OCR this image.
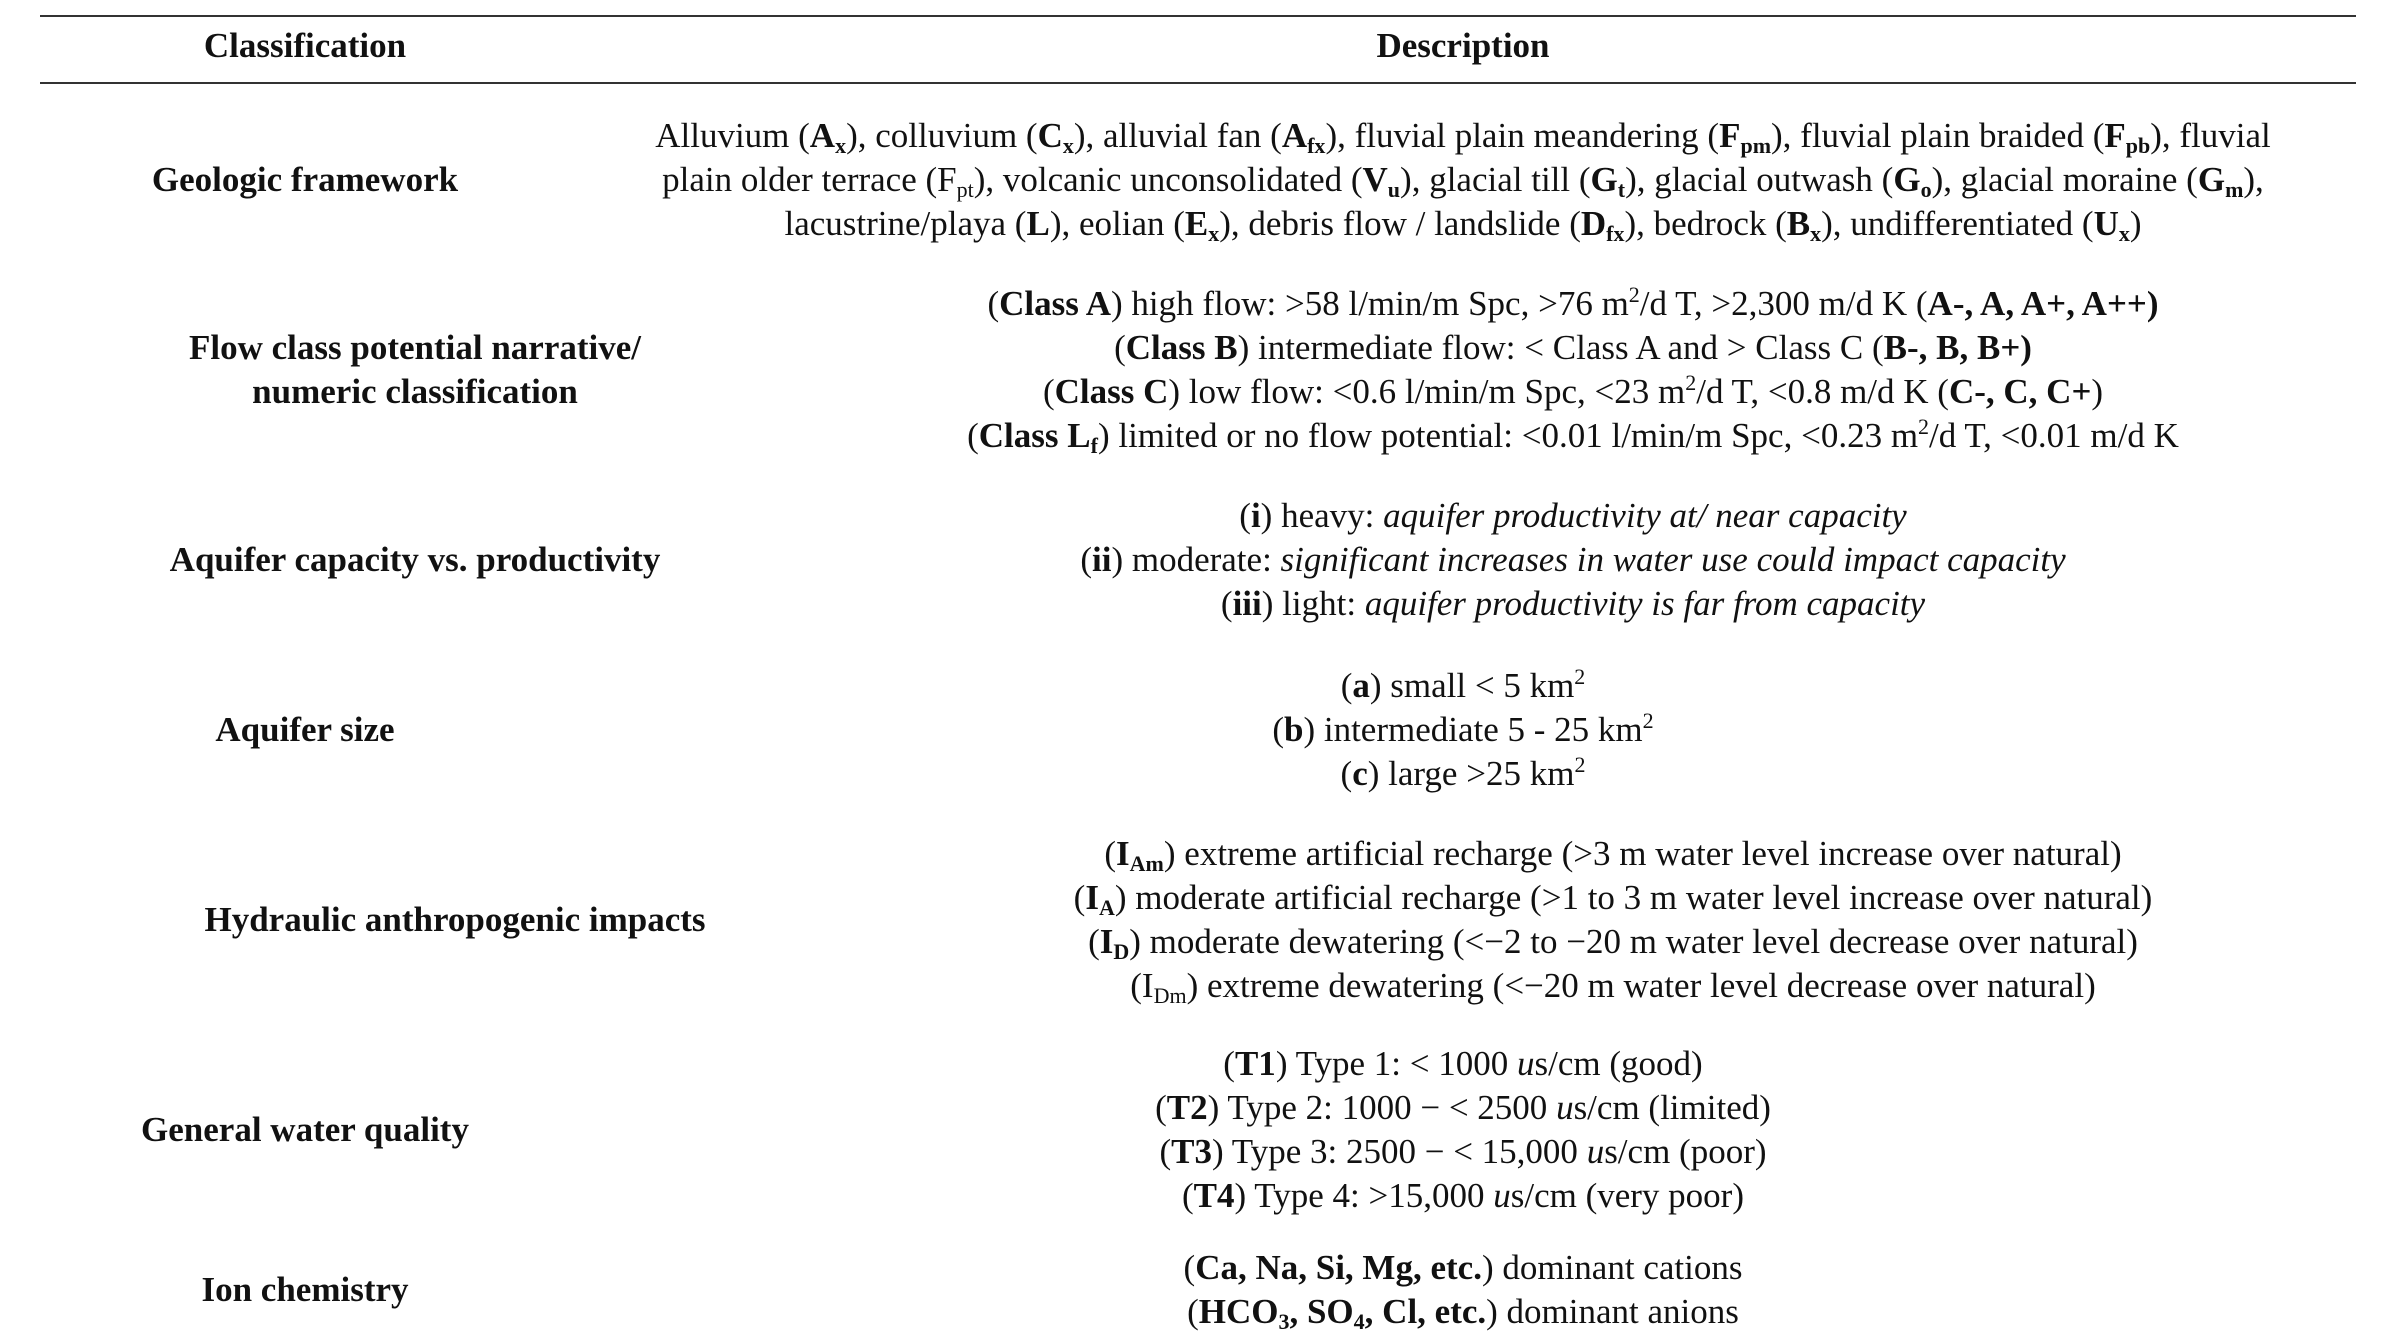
Classification	Description
Geologic framework
Alluvium $(A_x)$, colluvium $(C_x)$, alluvial fan $(A_{fx})$, fluvial plain meandering $(F_{pm})$, fluvial plain braided $(F_{pb})$, fluvial
plain older terrace $(F_{pt})$, volcanic unconsolidated $(V_u)$, glacial till $(G_t)$, glacial outwash $(G_o)$, glacial moraine $(G_m)$,
lacustrine/playa (L), eolian $(E_x)$, debris flow / landslide $(D_{fx})$, bedrock $(B_x)$, undifferentiated $(U_x)$
Flow class potential narrative/ numeric classification
(Class A) high flow: >58 l/min/m Spc, >76 $m^2/d$ T, >2,300 m/d K (A-, A, A+, A++)
(Class B) intermediate flow: < Class A and > Class C (B-, B, B+)
(Class C) low flow: <0.6 l/min/m Spc, <23 $m^2/d$ T, <0.8 m/d K (C-, C, C+)
(Class $L_f$) limited or no flow potential: <0.01 l/min/m Spc, <0.23 $m^2/d$ T, <0.01 m/d K
Aquifer capacity vs. productivity
(i) heavy: aquifer productivity at/ near capacity
(ii) moderate: significant increases in water use could impact capacity
(iii) light: aquifer productivity is far from capacity
Aquifer size
(a) small < 5 $km^2$
(b) intermediate 5 - 25 $km^2$
(c) large >25 $km^2$
Hydraulic anthropogenic impacts
$(I_{Am})$ extreme artificial recharge (>3 m water level increase over natural)
$(I_A)$ moderate artificial recharge (>1 to 3 m water level increase over natural)
$(I_D)$ moderate dewatering (<−2 to −20 m water level decrease over natural)
$(I_{Dm})$ extreme dewatering (<−20 m water level decrease over natural)
General water quality
(T1) Type 1: < 1000 us/cm (good)
(T2) Type 2: 1000 − < 2500 us/cm (limited)
(T3) Type 3: 2500 − < 15,000 us/cm (poor)
(T4) Type 4: >15,000 us/cm (very poor)
Ion chemistry
(Ca, Na, Si, Mg, etc.) dominant cations
($HCO_3$, $SO_4$, Cl, etc.) dominant anions
